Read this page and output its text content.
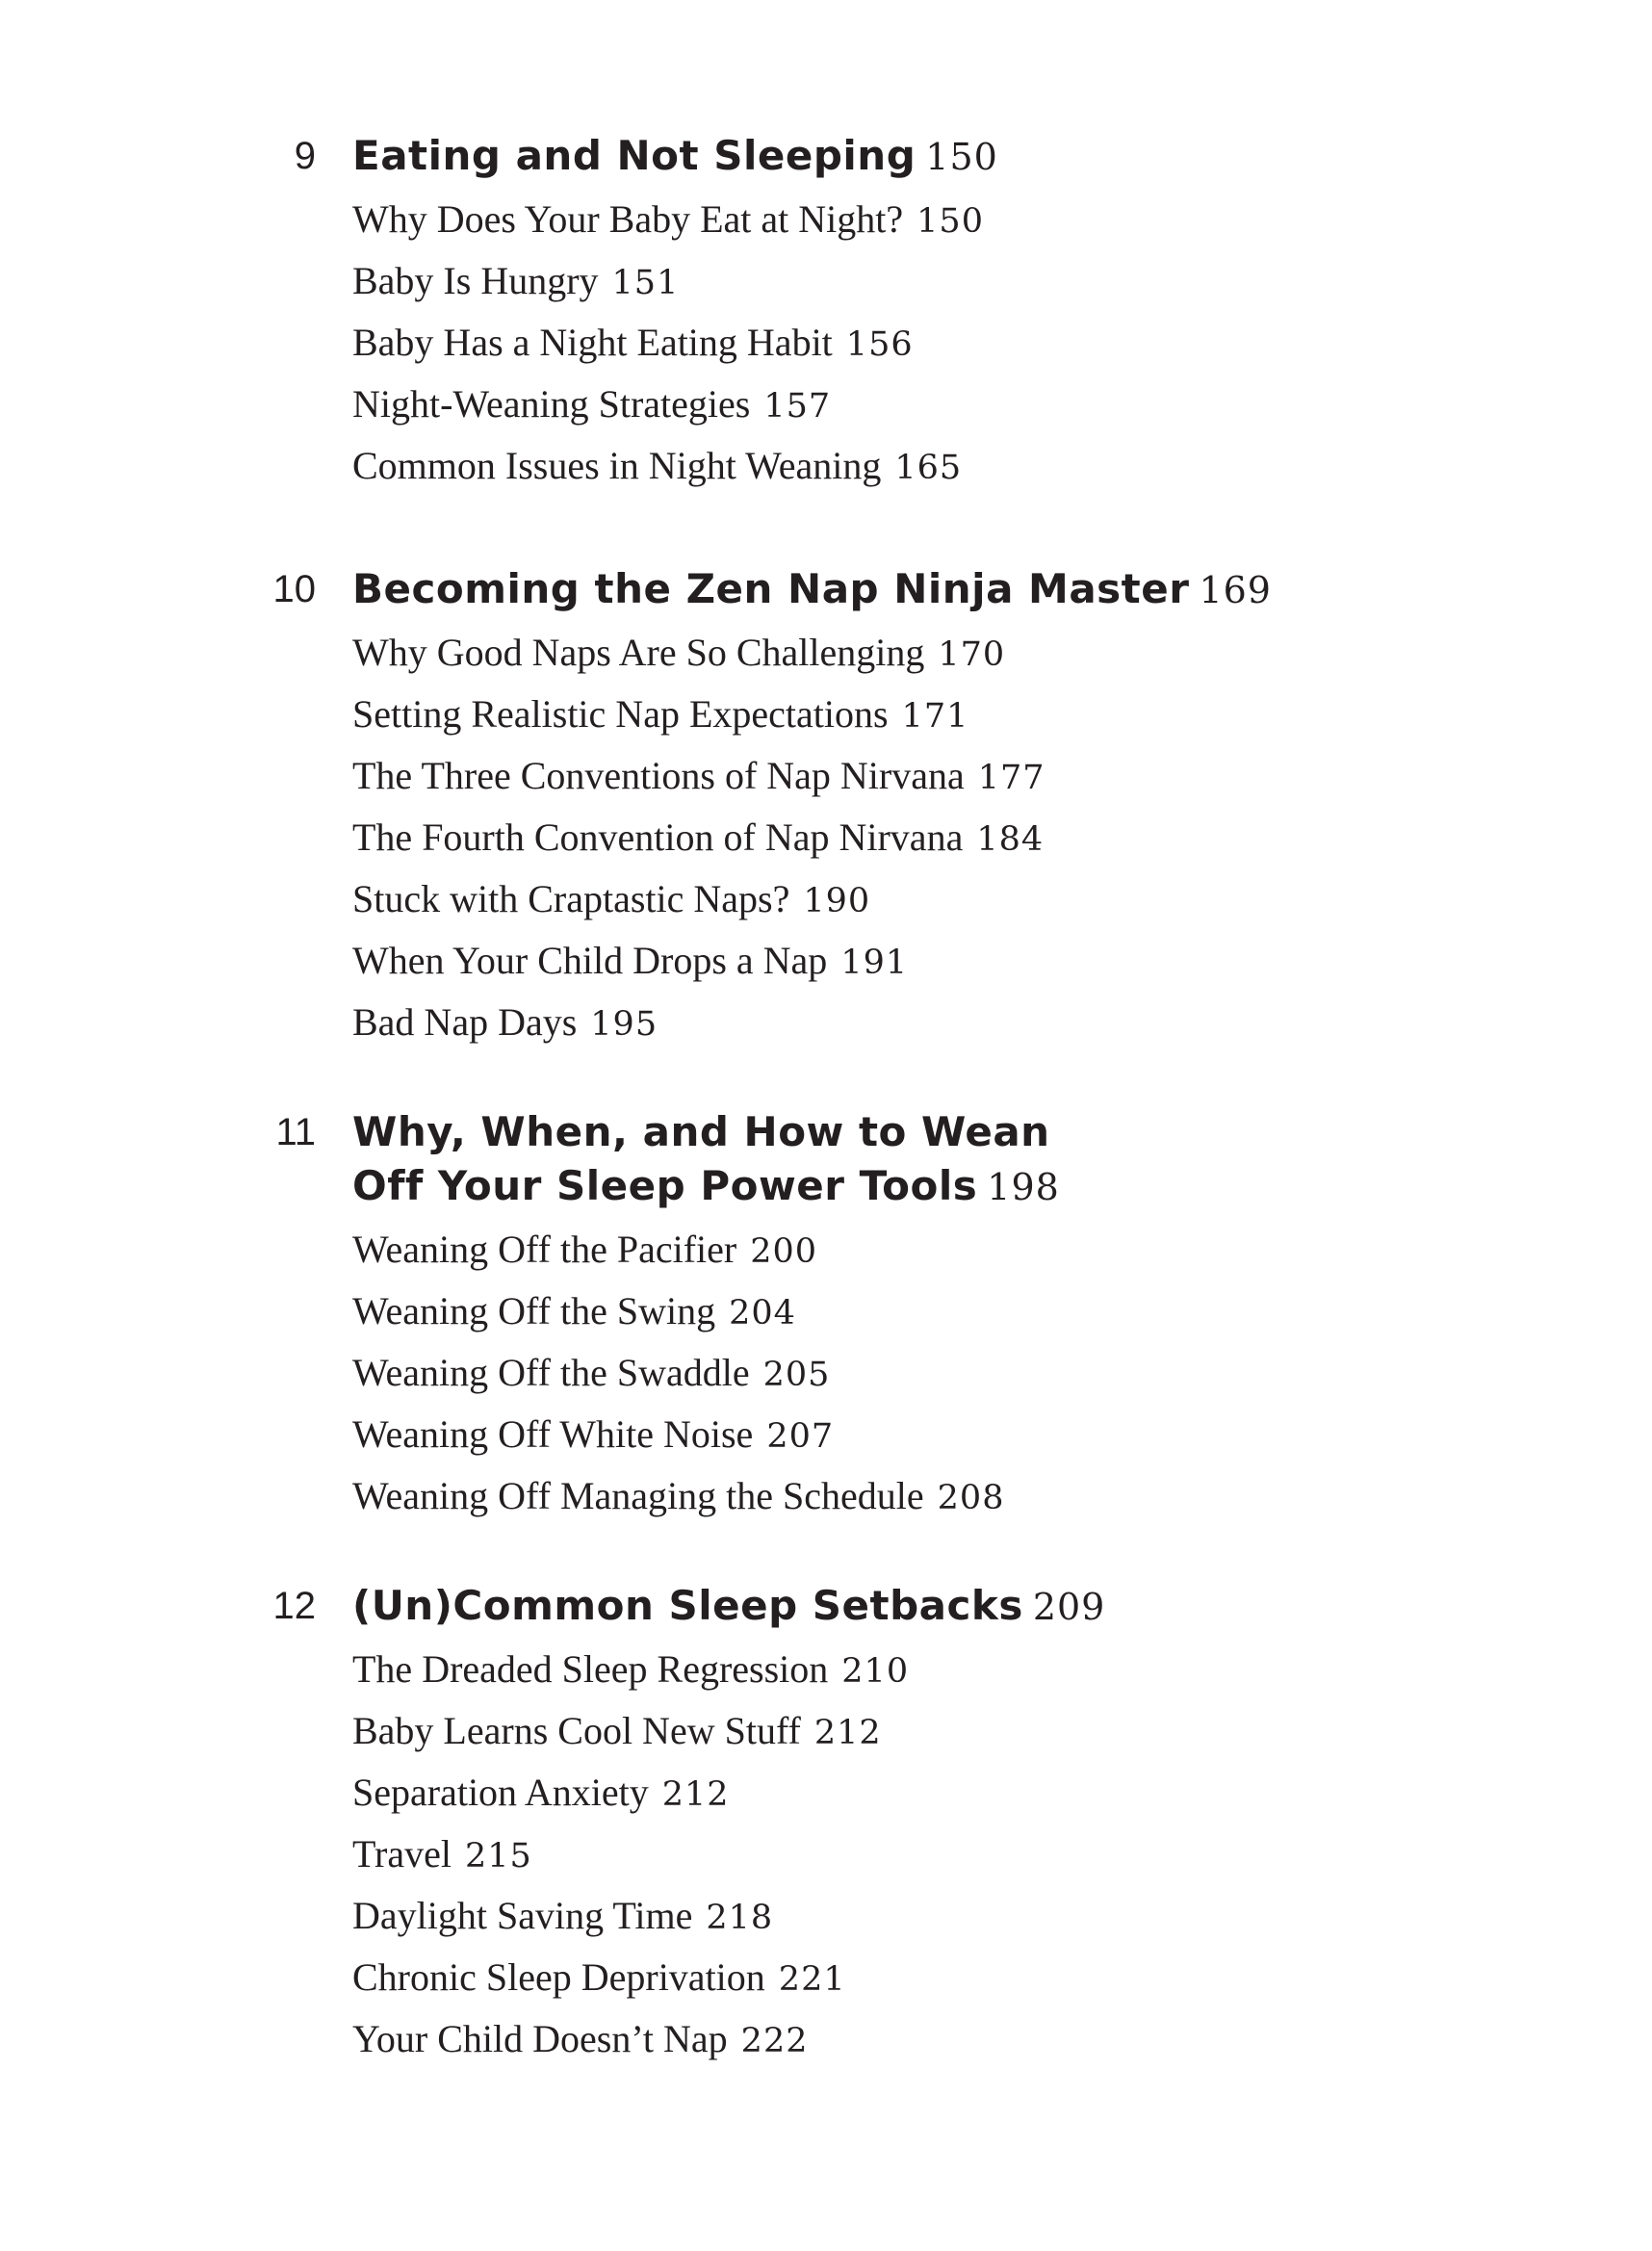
9 Eating and Not Sleeping 150
Why Does Your Baby Eat at Night? 150
Baby Is Hungry 151
Baby Has a Night Eating Habit 156
Night-Weaning Strategies 157
Common Issues in Night Weaning 165
10 Becoming the Zen Nap Ninja Master 169
Why Good Naps Are So Challenging 170
Setting Realistic Nap Expectations 171
The Three Conventions of Nap Nirvana 177
The Fourth Convention of Nap Nirvana 184
Stuck with Craptastic Naps? 190
When Your Child Drops a Nap 191
Bad Nap Days 195
11 Why, When, and How to Wean
Off Your Sleep Power Tools 198
Weaning Off the Pacifier 200
Weaning Off the Swing 204
Weaning Off the Swaddle 205
Weaning Off White Noise 207
Weaning Off Managing the Schedule 208
12 (Un)Common Sleep Setbacks 209
The Dreaded Sleep Regression 210
Baby Learns Cool New Stuff 212
Separation Anxiety 212
Travel 215
Daylight Saving Time 218
Chronic Sleep Deprivation 221
Your Child Doesn’t Nap 222
